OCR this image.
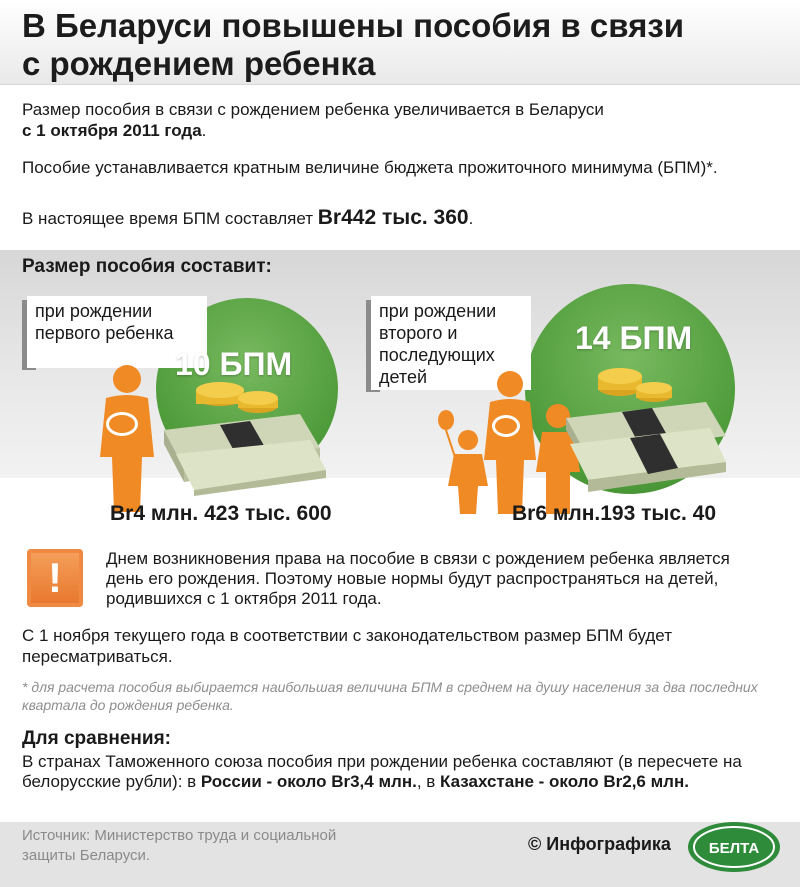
В Беларуси повышены пособия в связи
с рождением ребенка
Размер пособия в связи с рождением ребенка увеличивается в Беларуси
с 1 октября 2011 года.
Пособие устанавливается кратным величине бюджета прожиточного минимума (БПМ)*.
В настоящее время БПМ составляет Br442 тыс. 360.
Размер пособия составит:
при рождении первого ребенка
10 БПМ
Br4 млн. 423 тыс. 600
при рождении второго и последующих детей
14 БПМ
Br6 млн.193 тыс. 40
!	Днем возникновения права на пособие в связи с рождением ребенка является день его рождения. Поэтому новые нормы будут распространяться на детей, родившихся с 1 октября 2011 года.
С 1 ноября текущего года в соответствии с законодательством размер БПМ будет пересматриваться.
* для расчета пособия выбирается наибольшая величина БПМ в среднем на душу населения за два последних квартала до рождения ребенка.
Для сравнения:
В странах Таможенного союза пособия при рождении ребенка составляют (в пересчете на белорусские рубли): в России - около Br3,4 млн., в Казахстане - около Br2,6 млн.
Источник: Министерство труда и социальной защиты Беларуси.
© Инфографика	БЕЛТА
